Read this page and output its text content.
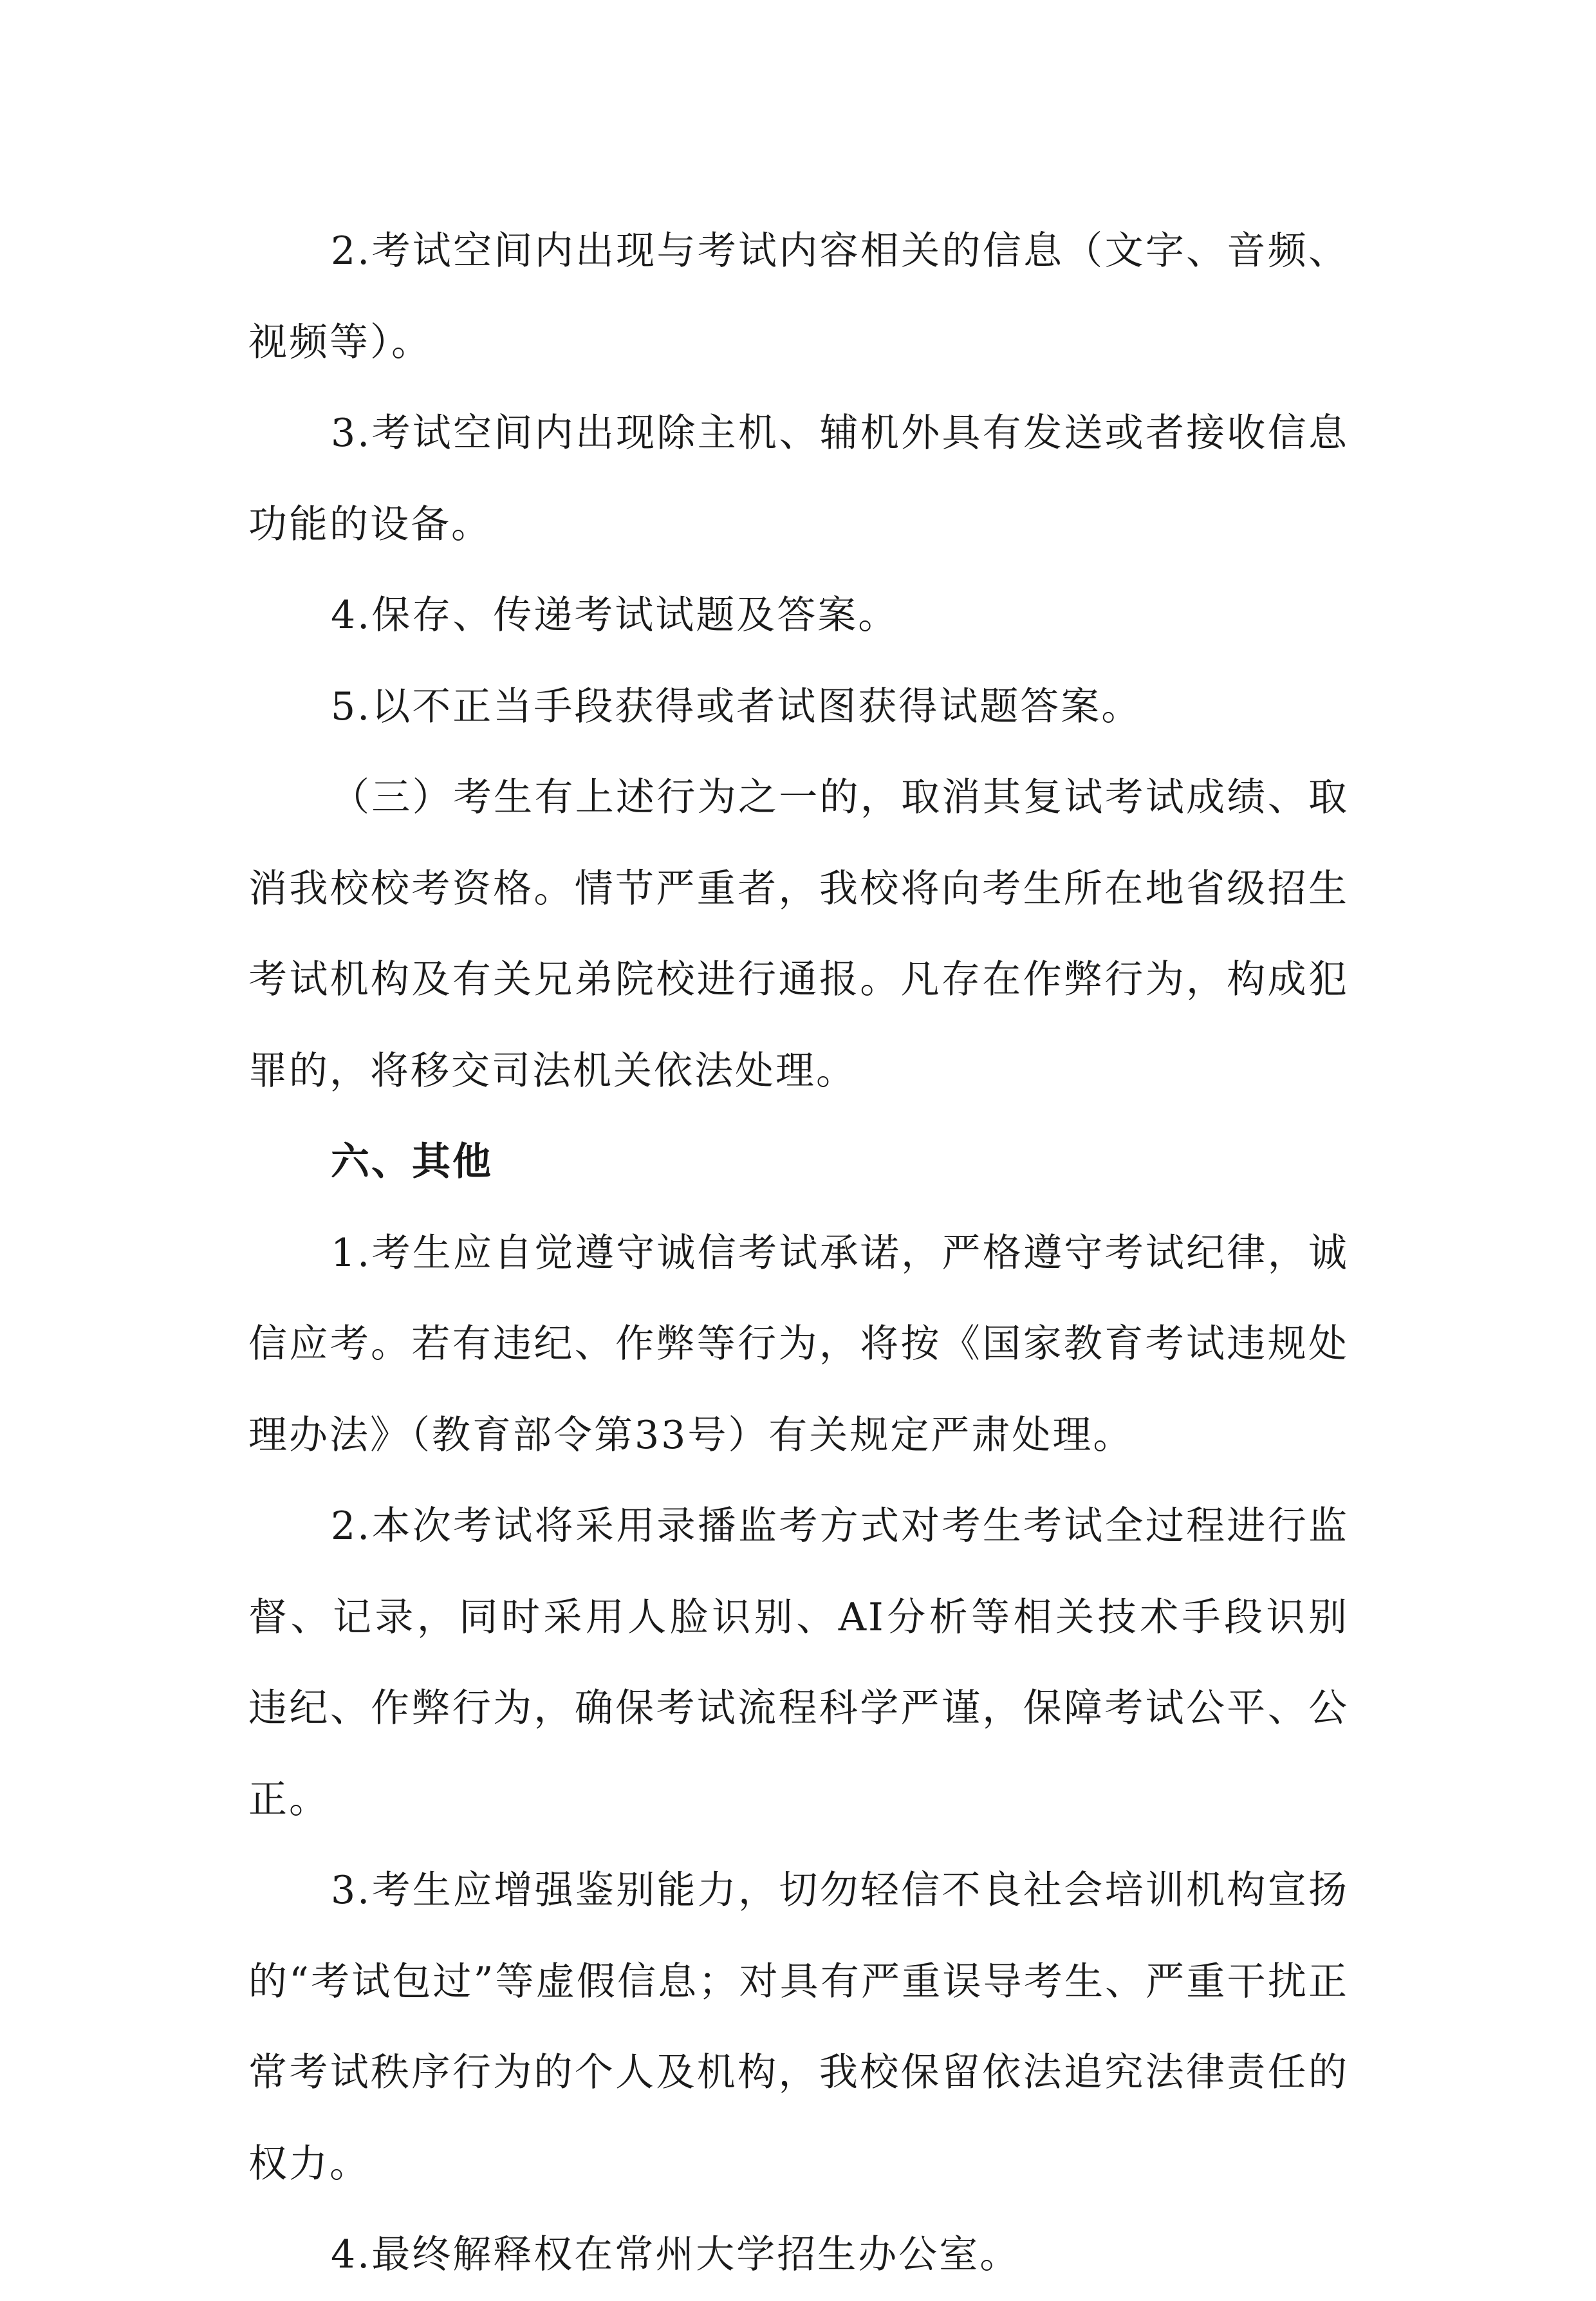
2.考试空间内出现与考试内容相关的信息（文字、音频、视频等）。

3.考试空间内出现除主机、辅机外具有发送或者接收信息功能的设备。

4.保存、传递考试试题及答案。

5.以不正当手段获得或者试图获得试题答案。

（三）考生有上述行为之一的，取消其复试考试成绩、取消我校校考资格。情节严重者，我校将向考生所在地省级招生考试机构及有关兄弟院校进行通报。凡存在作弊行为，构成犯罪的，将移交司法机关依法处理。

六、其他

1.考生应自觉遵守诚信考试承诺，严格遵守考试纪律，诚信应考。若有违纪、作弊等行为，将按《国家教育考试违规处理办法》（教育部令第33号）有关规定严肃处理。

2.本次考试将采用录播监考方式对考生考试全过程进行监督、记录，同时采用人脸识别、AI分析等相关技术手段识别违纪、作弊行为，确保考试流程科学严谨，保障考试公平、公正。

3.考生应增强鉴别能力，切勿轻信不良社会培训机构宣扬的“考试包过”等虚假信息；对具有严重误导考生、严重干扰正常考试秩序行为的个人及机构，我校保留依法追究法律责任的权力。

4.最终解释权在常州大学招生办公室。
